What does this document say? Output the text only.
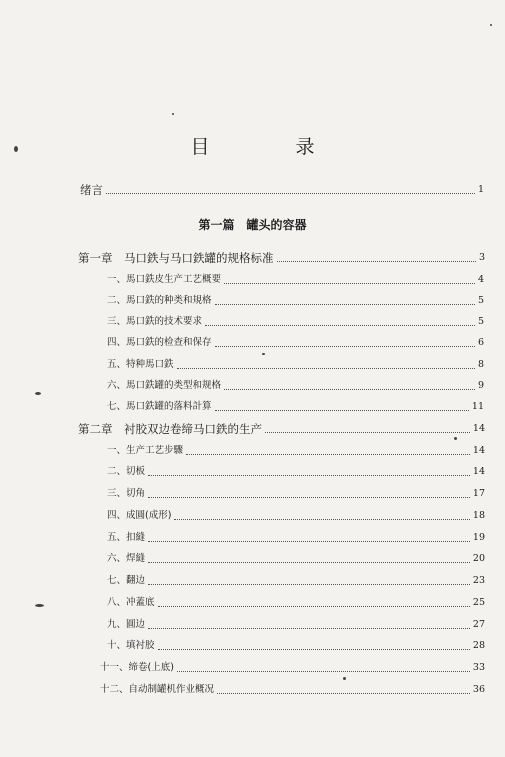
目 录
绪言	1
第一篇　罐头的容器
第一章　马口鉄与马口鉄罐的规格标准	3
一、馬口鉄皮生产工艺概要	4
二、馬口鉄的种类和規格	5
三、馬口鉄的技术要求	5
四、馬口鉄的检查和保存	6
五、特种馬口鉄	8
六、馬口鉄罐的类型和规格	9
七、馬口鉄罐的落料計算	11
第二章　衬胶双边卷缔马口鉄的生产	14
一、生产工艺步驟	14
二、切板	14
三、切角	17
四、成圓(成形)	18
五、扣縫	19
六、焊縫	20
七、翻边	23
八、冲蓋底	25
九、圓边	27
十、填衬胶	28
十一、缔卷(上底)	33
十二、自动制罐机作业概况	36
